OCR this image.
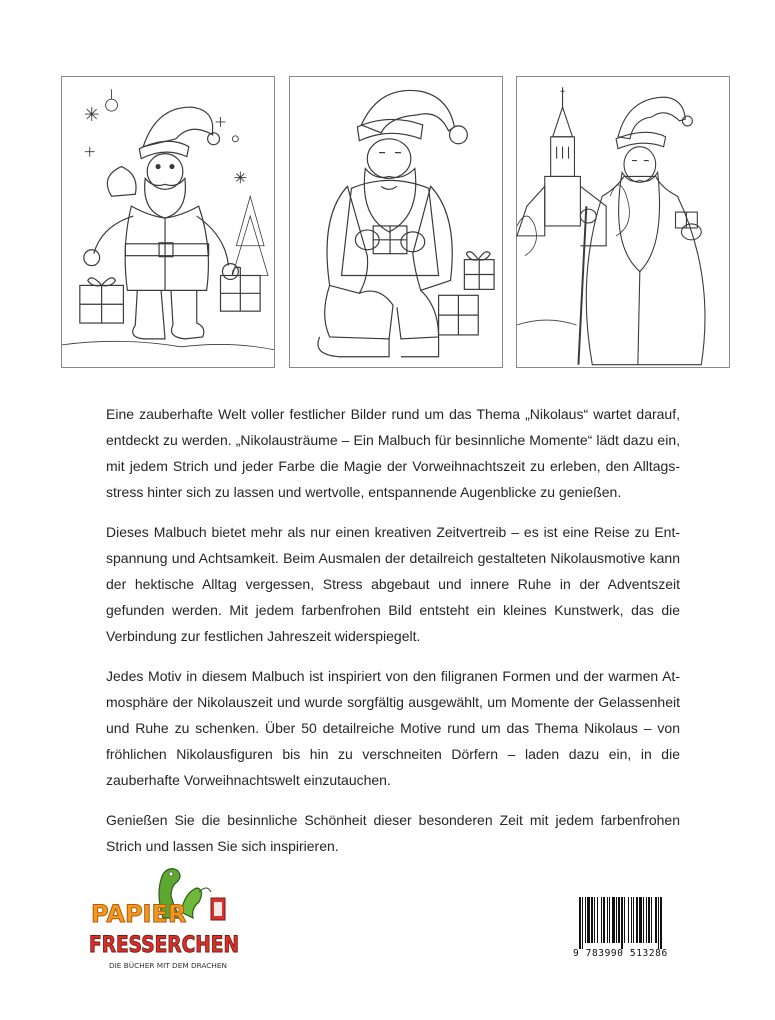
Eine zauberhafte Welt voller festlicher Bilder rund um das Thema „Nikolaus“ wartet darauf, entdeckt zu werden. „Nikolausträume – Ein Malbuch für besinnliche Momente“ lädt dazu ein, mit jedem Strich und jeder Farbe die Magie der Vorweihnachtszeit zu erleben, den Alltagsstress hinter sich zu lassen und wertvolle, entspannende Augenblicke zu genießen.

Dieses Malbuch bietet mehr als nur einen kreativen Zeitvertreib – es ist eine Reise zu Entspannung und Achtsamkeit. Beim Ausmalen der detailreich gestalteten Nikolausmotive kann der hektische Alltag vergessen, Stress abgebaut und innere Ruhe in der Adventszeit gefunden werden. Mit jedem farbenfrohen Bild entsteht ein kleines Kunstwerk, das die Verbindung zur festlichen Jahreszeit widerspiegelt.

Jedes Motiv in diesem Malbuch ist inspiriert von den filigranen Formen und der warmen Atmosphäre der Nikolauszeit und wurde sorgfältig ausgewählt, um Momente der Gelassenheit und Ruhe zu schenken. Über 50 detailreiche Motive rund um das Thema Nikolaus – von fröhlichen Nikolausfiguren bis hin zu verschneiten Dörfern – laden dazu ein, in die zauberhafte Vorweihnachtswelt einzutauchen.

Genießen Sie die besinnliche Schönheit dieser besonderen Zeit mit jedem farbenfrohen Strich und lassen Sie sich inspirieren.

PAPIER
FRESSERCHEN
DIE BÜCHER MIT DEM DRACHEN
9 783990 513286
